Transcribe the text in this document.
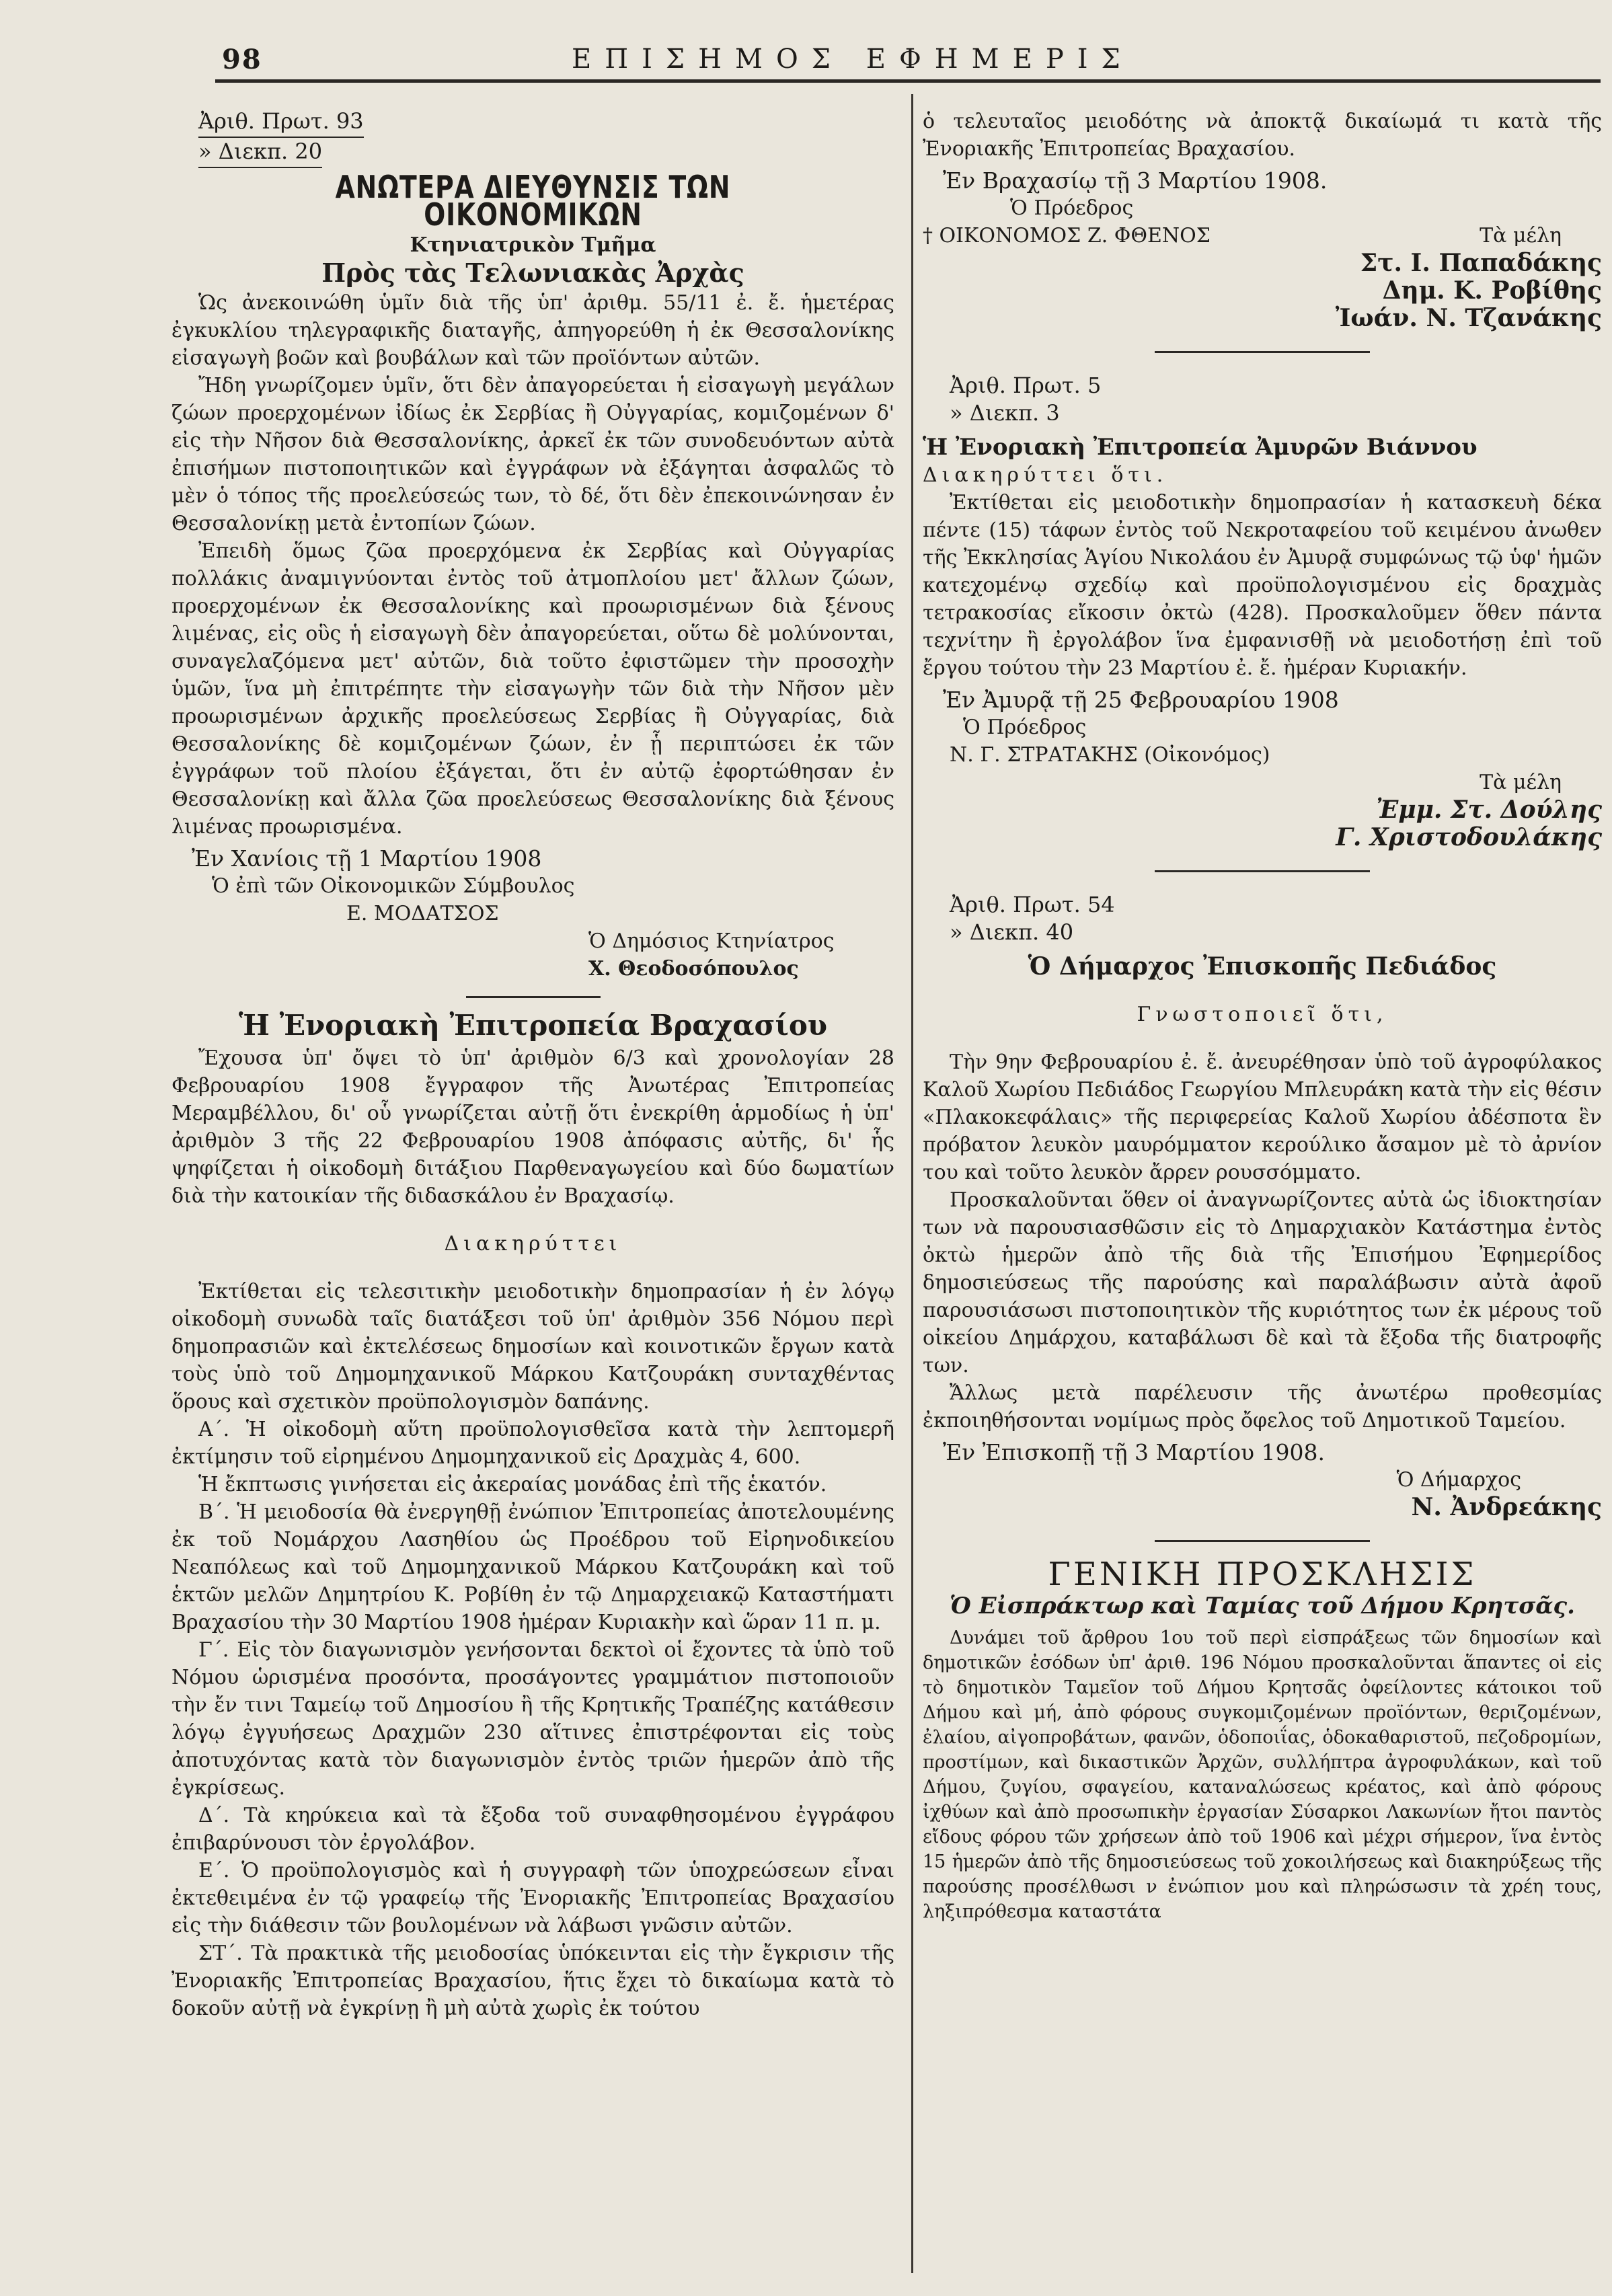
98	ΕΠΙΣΗΜΟΣ ΕΦΗΜΕΡΙΣ

Ἀριθ. Πρωτ. 93

» Διεκπ. 20

ΑΝΩΤΕΡΑ ΔΙΕΥΘΥΝΣΙΣ ΤΩΝ ΟΙΚΟΝΟΜΙΚΩΝ

Κτηνιατρικὸν Τμῆμα

Πρὸς τὰς Τελωνιακὰς Ἀρχὰς

Ὡς ἀνεκοινώθη ὑμῖν διὰ τῆς ὑπ' ἀριθμ. 55/11 ἐ. ἔ. ἡμετέρας ἐγκυκλίου τηλεγραφικῆς διαταγῆς, ἀπηγορεύθη ἡ ἐκ Θεσσαλονίκης εἰσαγωγὴ βοῶν καὶ βουβάλων καὶ τῶν προϊόντων αὐτῶν.

Ἤδη γνωρίζομεν ὑμῖν, ὅτι δὲν ἀπαγορεύεται ἡ εἰσαγωγὴ μεγάλων ζώων προερχομένων ἰδίως ἐκ Σερβίας ἢ Οὐγγαρίας, κομιζομένων δ' εἰς τὴν Νῆσον διὰ Θεσσαλονίκης, ἀρκεῖ ἐκ τῶν συνοδευόντων αὐτὰ ἐπισήμων πιστοποιητικῶν καὶ ἐγγράφων νὰ ἐξάγηται ἀσφαλῶς τὸ μὲν ὁ τόπος τῆς προελεύσεώς των, τὸ δέ, ὅτι δὲν ἐπεκοινώνησαν ἐν Θεσσαλονίκῃ μετὰ ἐντοπίων ζώων.

Ἐπειδὴ ὅμως ζῶα προερχόμενα ἐκ Σερβίας καὶ Οὐγγαρίας πολλάκις ἀναμιγνύονται ἐντὸς τοῦ ἀτμοπλοίου μετ' ἄλλων ζώων, προερχομένων ἐκ Θεσσαλονίκης καὶ προωρισμένων διὰ ξένους λιμένας, εἰς οὓς ἡ εἰσαγωγὴ δὲν ἀπαγορεύεται, οὕτω δὲ μολύνονται, συναγελαζόμενα μετ' αὐτῶν, διὰ τοῦτο ἐφιστῶμεν τὴν προσοχὴν ὑμῶν, ἵνα μὴ ἐπιτρέπητε τὴν εἰσαγωγὴν τῶν διὰ τὴν Νῆσον μὲν προωρισμένων ἀρχικῆς προελεύσεως Σερβίας ἢ Οὐγγαρίας, διὰ Θεσσαλονίκης δὲ κομιζομένων ζώων, ἐν ᾗ περιπτώσει ἐκ τῶν ἐγγράφων τοῦ πλοίου ἐξάγεται, ὅτι ἐν αὐτῷ ἐφορτώθησαν ἐν Θεσσαλονίκῃ καὶ ἄλλα ζῶα προελεύσεως Θεσσαλονίκης διὰ ξένους λιμένας προωρισμένα.

Ἐν Χανίοις τῇ 1 Μαρτίου 1908

Ὁ ἐπὶ τῶν Οἰκονομικῶν Σύμβουλος

Ε. ΜΟΔΑΤΣΟΣ

Ὁ Δημόσιος Κτηνίατρος

Χ. Θεοδοσόπουλος

Ἡ Ἐνοριακὴ Ἐπιτροπεία Βραχασίου

Ἔχουσα ὑπ' ὄψει τὸ ὑπ' ἀριθμὸν 6/3 καὶ χρονολογίαν 28 Φεβρουαρίου 1908 ἔγγραφον τῆς Ἀνωτέρας Ἐπιτροπείας Μεραμβέλλου, δι' οὗ γνωρίζεται αὐτῇ ὅτι ἐνεκρίθη ἁρμοδίως ἡ ὑπ' ἀριθμὸν 3 τῆς 22 Φεβρουαρίου 1908 ἀπόφασις αὐτῆς, δι' ἧς ψηφίζεται ἡ οἰκοδομὴ διτάξιου Παρθεναγωγείου καὶ δύο δωματίων διὰ τὴν κατοικίαν τῆς διδασκάλου ἐν Βραχασίῳ.

Διακηρύττει

Ἐκτίθεται εἰς τελεσιτικὴν μειοδοτικὴν δημοπρασίαν ἡ ἐν λόγῳ οἰκοδομὴ συνωδὰ ταῖς διατάξεσι τοῦ ὑπ' ἀριθμὸν 356 Νόμου περὶ δημοπρασιῶν καὶ ἐκτελέσεως δημοσίων καὶ κοινοτικῶν ἔργων κατὰ τοὺς ὑπὸ τοῦ Δημομηχανικοῦ Μάρκου Κατζουράκη συνταχθέντας ὅρους καὶ σχετικὸν προϋπολογισμὸν δαπάνης.

Α΄. Ἡ οἰκοδομὴ αὕτη προϋπολογισθεῖσα κατὰ τὴν λεπτομερῆ ἐκτίμησιν τοῦ εἰρημένου Δημομηχανικοῦ εἰς Δραχμὰς 4, 600.

Ἡ ἔκπτωσις γινήσεται εἰς ἀκεραίας μονάδας ἐπὶ τῆς ἑκατόν.

Β΄. Ἡ μειοδοσία θὰ ἐνεργηθῇ ἐνώπιον Ἐπιτροπείας ἀποτελουμένης ἐκ τοῦ Νομάρχου Λασηθίου ὡς Προέδρου τοῦ Εἰρηνοδικείου Νεαπόλεως καὶ τοῦ Δημομηχανικοῦ Μάρκου Κατζουράκη καὶ τοῦ ἑκτῶν μελῶν Δημητρίου Κ. Ροβίθη ἐν τῷ Δημαρχειακῷ Καταστήματι Βραχασίου τὴν 30 Μαρτίου 1908 ἡμέραν Κυριακὴν καὶ ὥραν 11 π. μ.

Γ΄. Εἰς τὸν διαγωνισμὸν γενήσονται δεκτοὶ οἱ ἔχοντες τὰ ὑπὸ τοῦ Νόμου ὡρισμένα προσόντα, προσάγοντες γραμμάτιον πιστοποιοῦν τὴν ἔν τινι Ταμείῳ τοῦ Δημοσίου ἢ τῆς Κρητικῆς Τραπέζης κατάθεσιν λόγῳ ἐγγυήσεως Δραχμῶν 230 αἵτινες ἐπιστρέφονται εἰς τοὺς ἀποτυχόντας κατὰ τὸν διαγωνισμὸν ἐντὸς τριῶν ἡμερῶν ἀπὸ τῆς ἐγκρίσεως.

Δ΄. Τὰ κηρύκεια καὶ τὰ ἔξοδα τοῦ συναφθησομένου ἐγγράφου ἐπιβαρύνουσι τὸν ἐργολάβον.

Ε΄. Ὁ προϋπολογισμὸς καὶ ἡ συγγραφὴ τῶν ὑποχρεώσεων εἶναι ἐκτεθειμένα ἐν τῷ γραφείῳ τῆς Ἐνοριακῆς Ἐπιτροπείας Βραχασίου εἰς τὴν διάθεσιν τῶν βουλομένων νὰ λάβωσι γνῶσιν αὐτῶν.

ΣΤ΄. Τὰ πρακτικὰ τῆς μειοδοσίας ὑπόκεινται εἰς τὴν ἔγκρισιν τῆς Ἐνοριακῆς Ἐπιτροπείας Βραχασίου, ἥτις ἔχει τὸ δικαίωμα κατὰ τὸ δοκοῦν αὐτῇ νὰ ἐγκρίνῃ ἢ μὴ αὐτὰ χωρὶς ἐκ τούτου

ὁ τελευταῖος μειοδότης νὰ ἀποκτᾷ δικαίωμά τι κατὰ τῆς Ἐνοριακῆς Ἐπιτροπείας Βραχασίου.

Ἐν Βραχασίῳ τῇ 3 Μαρτίου 1908.

Ὁ Πρόεδρος

† ΟΙΚΟΝΟΜΟΣ Ζ. ΦΘΕΝΟΣ	Τὰ μέλη

Στ. Ι. Παπαδάκης

Δημ. Κ. Ροβίθης

Ἰωάν. Ν. Τζανάκης

Ἀριθ. Πρωτ. 5

» Διεκπ. 3

Ἡ Ἐνοριακὴ Ἐπιτροπεία Ἀμυρῶν Βιάννου

Διακηρύττει ὅτι.

Ἐκτίθεται εἰς μειοδοτικὴν δημοπρασίαν ἡ κατασκευὴ δέκα πέντε (15) τάφων ἐντὸς τοῦ Νεκροταφείου τοῦ κειμένου ἀνωθεν τῆς Ἐκκλησίας Ἁγίου Νικολάου ἐν Ἀμυρᾷ συμφώνως τῷ ὑφ' ἡμῶν κατεχομένῳ σχεδίῳ καὶ προϋπολογισμένου εἰς δραχμὰς τετρακοσίας εἴκοσιν ὀκτὼ (428). Προσκαλοῦμεν ὅθεν πάντα τεχνίτην ἢ ἐργολάβον ἵνα ἐμφανισθῇ νὰ μειοδοτήσῃ ἐπὶ τοῦ ἔργου τούτου τὴν 23 Μαρτίου ἐ. ἔ. ἡμέραν Κυριακήν.

Ἐν Ἀμυρᾷ τῇ 25 Φεβρουαρίου 1908

Ὁ Πρόεδρος

Ν. Γ. ΣΤΡΑΤΑΚΗΣ (Οἰκονόμος)

Τὰ μέλη

Ἐμμ. Στ. Δούλης

Γ. Χριστοδουλάκης

Ἀριθ. Πρωτ. 54

» Διεκπ. 40

Ὁ Δήμαρχος Ἐπισκοπῆς Πεδιάδος

Γνωστοποιεῖ ὅτι,

Τὴν 9ην Φεβρουαρίου ἐ. ἔ. ἀνευρέθησαν ὑπὸ τοῦ ἀγροφύλακος Καλοῦ Χωρίου Πεδιάδος Γεωργίου Μπλευράκη κατὰ τὴν εἰς θέσιν «Πλακοκεφάλαις» τῆς περιφερείας Καλοῦ Χωρίου ἀδέσποτα ἓν πρόβατον λευκὸν μαυρόμματον κερούλικο ἄσαμον μὲ τὸ ἀρνίον του καὶ τοῦτο λευκὸν ἄρρεν ρουσσόμματο.

Προσκαλοῦνται ὅθεν οἱ ἀναγνωρίζοντες αὐτὰ ὡς ἰδιοκτησίαν των νὰ παρουσιασθῶσιν εἰς τὸ Δημαρχιακὸν Κατάστημα ἐντὸς ὀκτὼ ἡμερῶν ἀπὸ τῆς διὰ τῆς Ἐπισήμου Ἐφημερίδος δημοσιεύσεως τῆς παρούσης καὶ παραλάβωσιν αὐτὰ ἀφοῦ παρουσιάσωσι πιστοποιητικὸν τῆς κυριότητος των ἐκ μέρους τοῦ οἰκείου Δημάρχου, καταβάλωσι δὲ καὶ τὰ ἔξοδα τῆς διατροφῆς των.

Ἄλλως μετὰ παρέλευσιν τῆς ἀνωτέρω προθεσμίας ἐκποιηθήσονται νομίμως πρὸς ὄφελος τοῦ Δημοτικοῦ Ταμείου.

Ἐν Ἐπισκοπῇ τῇ 3 Μαρτίου 1908.

Ὁ Δήμαρχος

Ν. Ἀνδρεάκης

ΓΕΝΙΚΗ ΠΡΟΣΚΛΗΣΙΣ

Ὁ Εἰσπράκτωρ καὶ Ταμίας τοῦ Δήμου Κρητσᾶς.

Δυνάμει τοῦ ἄρθρου 1ου τοῦ περὶ εἰσπράξεως τῶν δημοσίων καὶ δημοτικῶν ἐσόδων ὑπ' ἀριθ. 196 Νόμου προσκαλοῦνται ἅπαντες οἱ εἰς τὸ δημοτικὸν Ταμεῖον τοῦ Δήμου Κρητσᾶς ὀφείλοντες κάτοικοι τοῦ Δήμου καὶ μή, ἀπὸ φόρους συγκομιζομένων προϊόντων, θεριζομένων, ἐλαίου, αἰγοπροβάτων, φανῶν, ὁδοποιΐας, ὁδοκαθαριστοῦ, πεζοδρομίων, προστίμων, καὶ δικαστικῶν Ἀρχῶν, συλλήπτρα ἀγροφυλάκων, καὶ τοῦ Δήμου, ζυγίου, σφαγείου, καταναλώσεως κρέατος, καὶ ἀπὸ φόρους ἰχθύων καὶ ἀπὸ προσωπικὴν ἐργασίαν Σύσαρκοι Λακωνίων ἤτοι παντὸς εἴδους φόρου τῶν χρήσεων ἀπὸ τοῦ 1906 καὶ μέχρι σήμερον, ἵνα ἐντὸς 15 ἡμερῶν ἀπὸ τῆς δημοσιεύσεως τοῦ χοκοιλήσεως καὶ διακηρύξεως τῆς παρούσης προσέλθωσι ν ἐνώπιον μου καὶ πληρώσωσιν τὰ χρέη τους, ληξιπρόθεσμα καταστάτα
